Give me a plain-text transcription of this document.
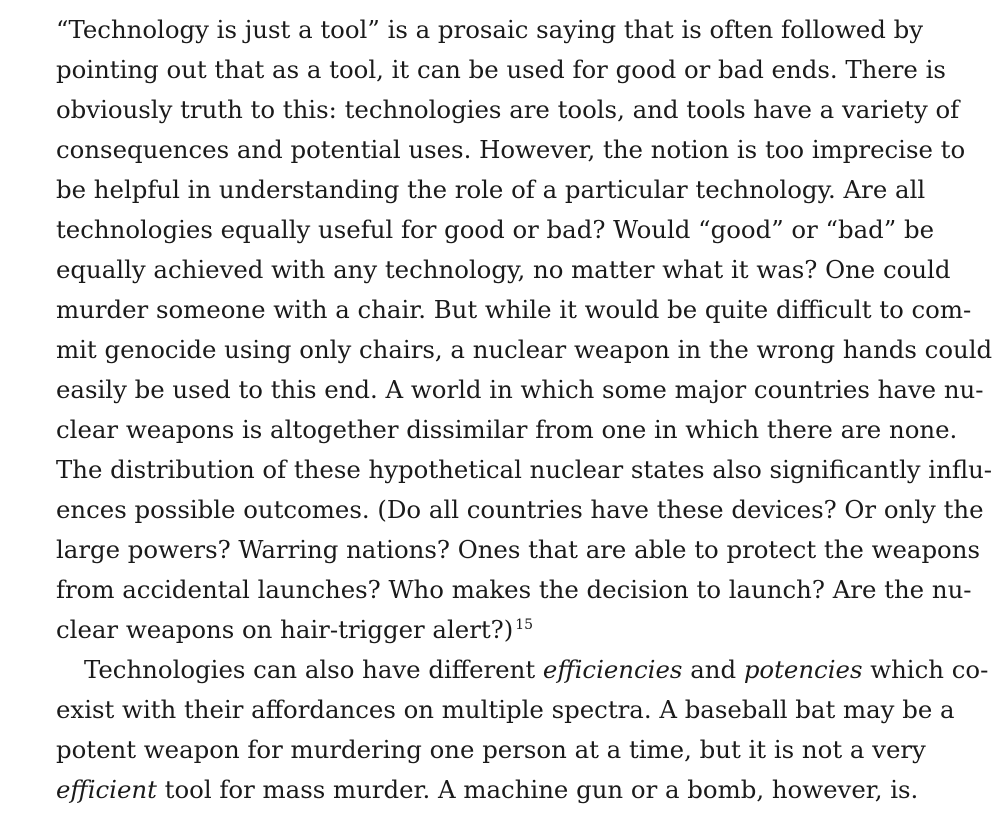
“Technology is just a tool” is a prosaic saying that is often followed by
pointing out that as a tool, it can be used for good or bad ends. There is
obviously truth to this: technologies are tools, and tools have a variety of
consequences and potential uses. However, the notion is too imprecise to
be helpful in understanding the role of a particular technology. Are all
technologies equally useful for good or bad? Would “good” or “bad” be
equally achieved with any technology, no matter what it was? One could
murder someone with a chair. But while it would be quite difficult to com-
mit genocide using only chairs, a nuclear weapon in the wrong hands could
easily be used to this end. A world in which some major countries have nu-
clear weapons is altogether dissimilar from one in which there are none.
The distribution of these hypothetical nuclear states also significantly influ-
ences possible outcomes. (Do all countries have these devices? Or only the
large powers? Warring nations? Ones that are able to protect the weapons
from accidental launches? Who makes the decision to launch? Are the nu-
clear weapons on hair-trigger alert?) $^{15}$
Technologies can also have different efficiencies and potencies which co-
exist with their affordances on multiple spectra. A baseball bat may be a
potent weapon for murdering one person at a time, but it is not a very
efficient tool for mass murder. A machine gun or a bomb, however, is.
